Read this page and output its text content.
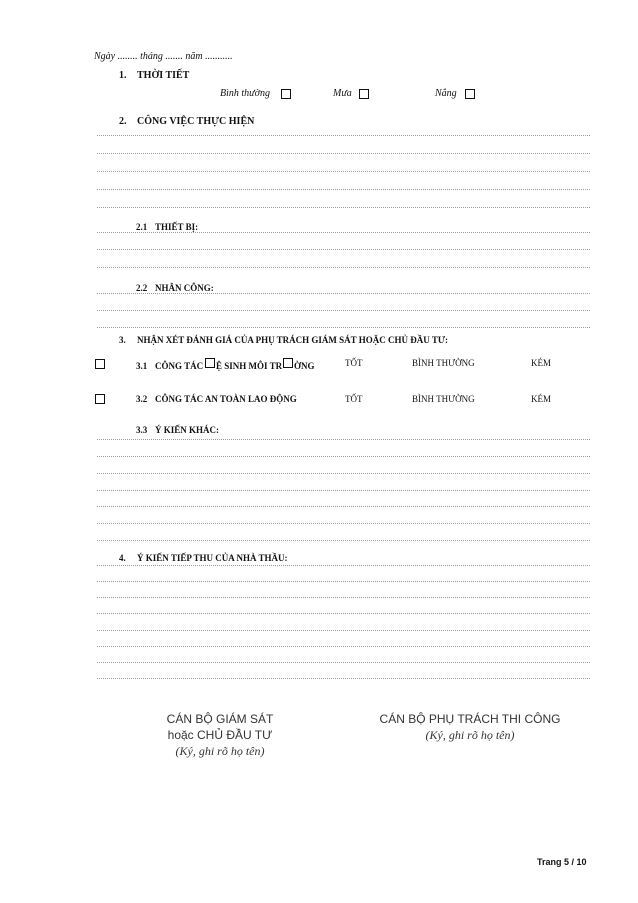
Ngày ........ tháng ....... năm ...........
1. THỜI TIẾT
Bình thường	Mưa	Nắng
2. CÔNG VIỆC THỰC HIỆN
2.1 THIẾT BỊ:
2.2 NHÂN CÔNG:
3. NHẬN XÉT ĐÁNH GIÁ CỦA PHỤ TRÁCH GIÁM SÁT HOẶC CHỦ ĐẦU TƯ:
3.1 CÔNG TÁC Ệ SINH MÔI TR ỜNG	TỐT	BÌNH THƯỜNG	KÉM
3.2 CÔNG TÁC AN TOÀN LAO ĐỘNG	TỐT	BÌNH THƯỜNG	KÉM
3.3 Ý KIẾN KHÁC:
4. Ý KIẾN TIẾP THU CỦA NHÀ THẦU:
CÁN BỘ GIÁM SÁT
hoặc CHỦ ĐẦU TƯ
(Ký, ghi rõ họ tên)
CÁN BỘ PHỤ TRÁCH THI CÔNG
(Ký, ghi rõ họ tên)
Trang 5 / 10
